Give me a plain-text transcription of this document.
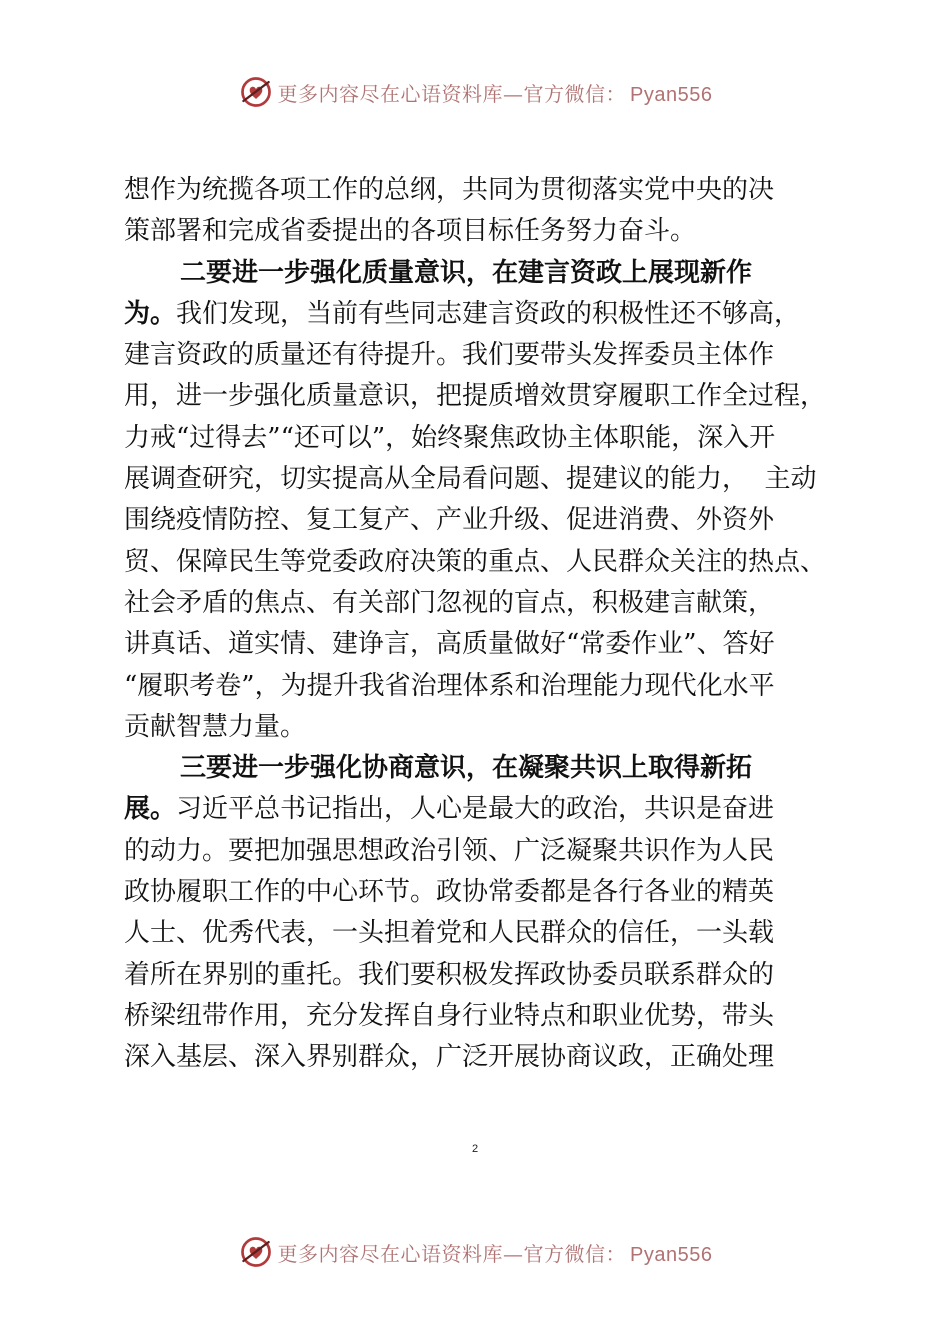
更多内容尽在心语资料库—官方微信： Pyan556
想作为统揽各项工作的总纲，共同为贯彻落实党中央的决
策部署和完成省委提出的各项目标任务努力奋斗。
二要进一步强化质量意识，在建言资政上展现新作
为。我们发现，当前有些同志建言资政的积极性还不够高，
建言资政的质量还有待提升。我们要带头发挥委员主体作
用，进一步强化质量意识，把提质增效贯穿履职工作全过程，
力戒“过得去”“还可以”，始终聚焦政协主体职能，深入开
展调查研究，切实提高从全局看问题、提建议的能力，  主动
围绕疫情防控、复工复产、产业升级、促进消费、外资外
贸、保障民生等党委政府决策的重点、人民群众关注的热点、
社会矛盾的焦点、有关部门忽视的盲点，积极建言献策，
讲真话、道实情、建诤言，高质量做好“常委作业”、答好
“履职考卷”，为提升我省治理体系和治理能力现代化水平
贡献智慧力量。
三要进一步强化协商意识，在凝聚共识上取得新拓
展。习近平总书记指出，人心是最大的政治，共识是奋进
的动力。要把加强思想政治引领、广泛凝聚共识作为人民
政协履职工作的中心环节。政协常委都是各行各业的精英
人士、优秀代表，一头担着党和人民群众的信任，一头载
着所在界别的重托。我们要积极发挥政协委员联系群众的
桥梁纽带作用，充分发挥自身行业特点和职业优势，带头
深入基层、深入界别群众，广泛开展协商议政，正确处理
2
更多内容尽在心语资料库—官方微信： Pyan556
